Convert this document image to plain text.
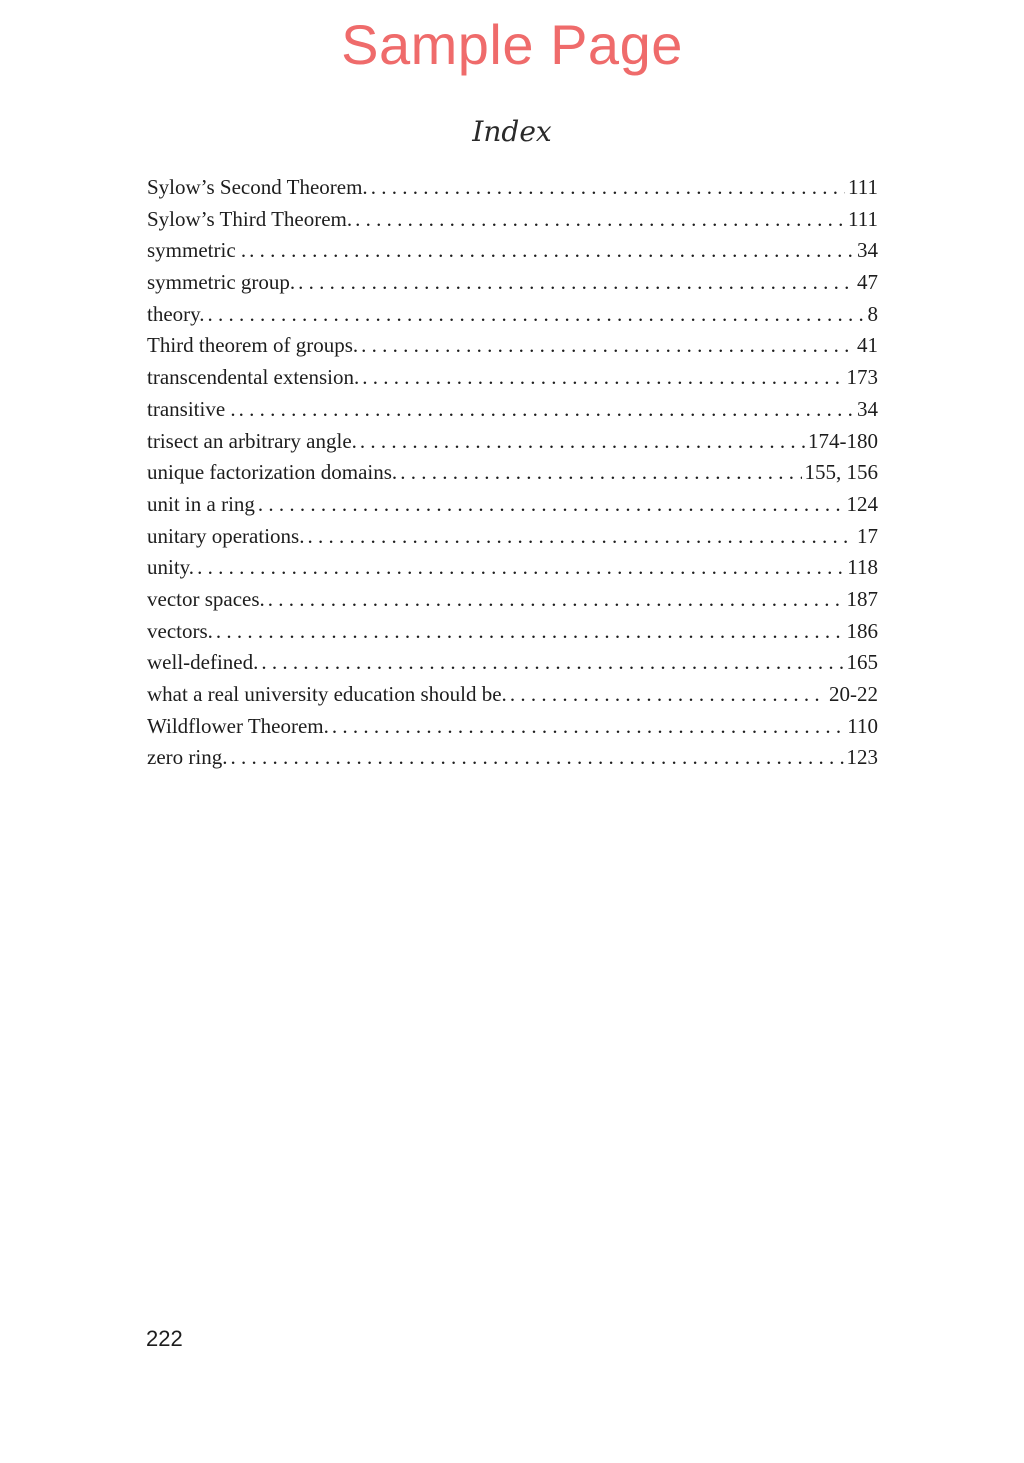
Sample Page
Index
Sylow’s Second Theorem. . . .	111
Sylow’s Third Theorem. . . .	111
symmetric . . . .	34
symmetric group. . . .	47
theory. . . .	8
Third theorem of groups. . . .	41
transcendental extension. . . .	173
transitive . . . .	34
trisect an arbitrary angle. . . .	174-180
unique factorization domains. . . .	155, 156
unit in a ring . . .	124
unitary operations. . . .	17
unity. . . .	118
vector spaces. . . .	187
vectors. . . .	186
well-defined. . . .	165
what a real university education should be. . . .	20-22
Wildflower Theorem. . . .	110
zero ring. . . .	123
222
